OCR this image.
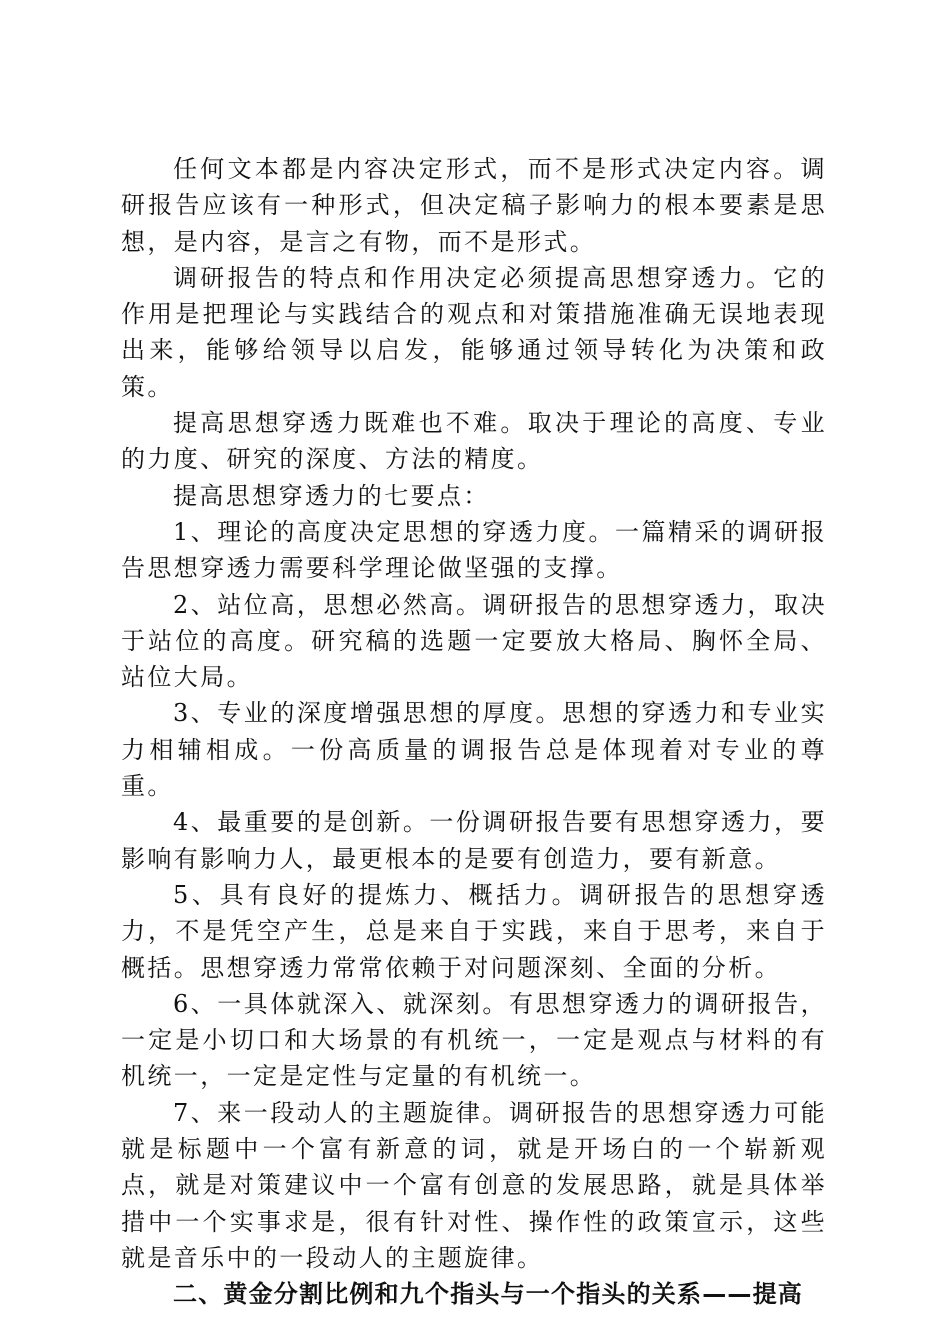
任何文本都是内容决定形式，而不是形式决定内容。调研报告应该有一种形式，但决定稿子影响力的根本要素是思想，是内容，是言之有物，而不是形式。

调研报告的特点和作用决定必须提高思想穿透力。它的作用是把理论与实践结合的观点和对策措施准确无误地表现出来，能够给领导以启发，能够通过领导转化为决策和政策。

提高思想穿透力既难也不难。取决于理论的高度、专业的力度、研究的深度、方法的精度。

提高思想穿透力的七要点：

1、理论的高度决定思想的穿透力度。一篇精采的调研报告思想穿透力需要科学理论做坚强的支撑。

2、站位高，思想必然高。调研报告的思想穿透力，取决于站位的高度。研究稿的选题一定要放大格局、胸怀全局、站位大局。

3、专业的深度增强思想的厚度。思想的穿透力和专业实力相辅相成。一份高质量的调报告总是体现着对专业的尊重。

4、最重要的是创新。一份调研报告要有思想穿透力，要影响有影响力人，最更根本的是要有创造力，要有新意。

5、具有良好的提炼力、概括力。调研报告的思想穿透力，不是凭空产生，总是来自于实践，来自于思考，来自于概括。思想穿透力常常依赖于对问题深刻、全面的分析。

6、一具体就深入、就深刻。有思想穿透力的调研报告，一定是小切口和大场景的有机统一，一定是观点与材料的有机统一，一定是定性与定量的有机统一。

7、来一段动人的主题旋律。调研报告的思想穿透力可能就是标题中一个富有新意的词，就是开场白的一个崭新观点，就是对策建议中一个富有创意的发展思路，就是具体举措中一个实事求是，很有针对性、操作性的政策宣示，这些就是音乐中的一段动人的主题旋律。

二、黄金分割比例和九个指头与一个指头的关系——提高
